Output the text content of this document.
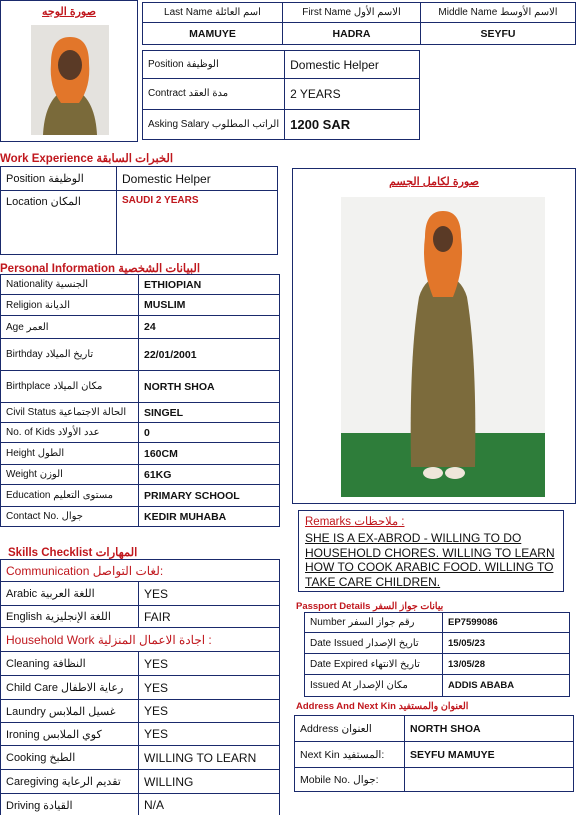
صورة الوجه	Last Name اسم العائلة	First Name الاسم الأول	Middle Name الاسم الأوسط
MAMUYE	HADRA	SEYFU
Position الوظيفة	Domestic Helper
Contract مدة العقد	2 YEARS
Asking Salary الراتب المطلوب	1200 SAR
Work Experience الخبرات السابقة
Position الوظيفة	Domestic Helper
Location المكان	SAUDI 2 YEARS
Personal Information البيانات الشخصية
Nationality الجنسية	ETHIOPIAN
Religion الديانة	MUSLIM
Age العمر	24
Birthday تاريخ الميلاد	22/01/2001
Birthplace مكان الميلاد	NORTH SHOA
Civil Status الحالة الاجتماعية	SINGEL
No. of Kids عدد الأولاد	0
Height الطول	160CM
Weight الوزن	61KG
Education مستوى التعليم	PRIMARY SCHOOL
Contact No. جوال	KEDIR MUHABA
صورة لكامل الجسم
Skills Checklist المهارات
Communication لغات التواصل:	
Arabic اللغة العربية	YES
English اللغة الإنجليزية	FAIR
Household Work اجادة الاعمال المنزلية :	
Cleaning النظافة	YES
Child Care رعاية الاطفال	YES
Laundry غسيل الملابس	YES
Ironing كوي الملابس	YES
Cooking الطبخ	WILLING TO LEARN
Caregiving تقديم الرعاية	WILLING
Driving القيادة	N/A
Remarks ملاحظات :
SHE IS A EX-ABROD - WILLING TO DO HOUSEHOLD CHORES. WILLING TO LEARN HOW TO COOK ARABIC FOOD. WILLING TO TAKE CARE CHILDREN.
Passport Details بيانات جواز السفر
Number رقم جواز السفر	EP7599086
Date Issued تاريخ الإصدار	15/05/23
Date Expired تاريخ الانتهاء	13/05/28
Issued At مكان الإصدار	ADDIS ABABA
Address And Next Kin العنوان والمستفيد
Address العنوان	NORTH SHOA
Next Kin المستفيد:	SEYFU MAMUYE
Mobile No. جوال:	
